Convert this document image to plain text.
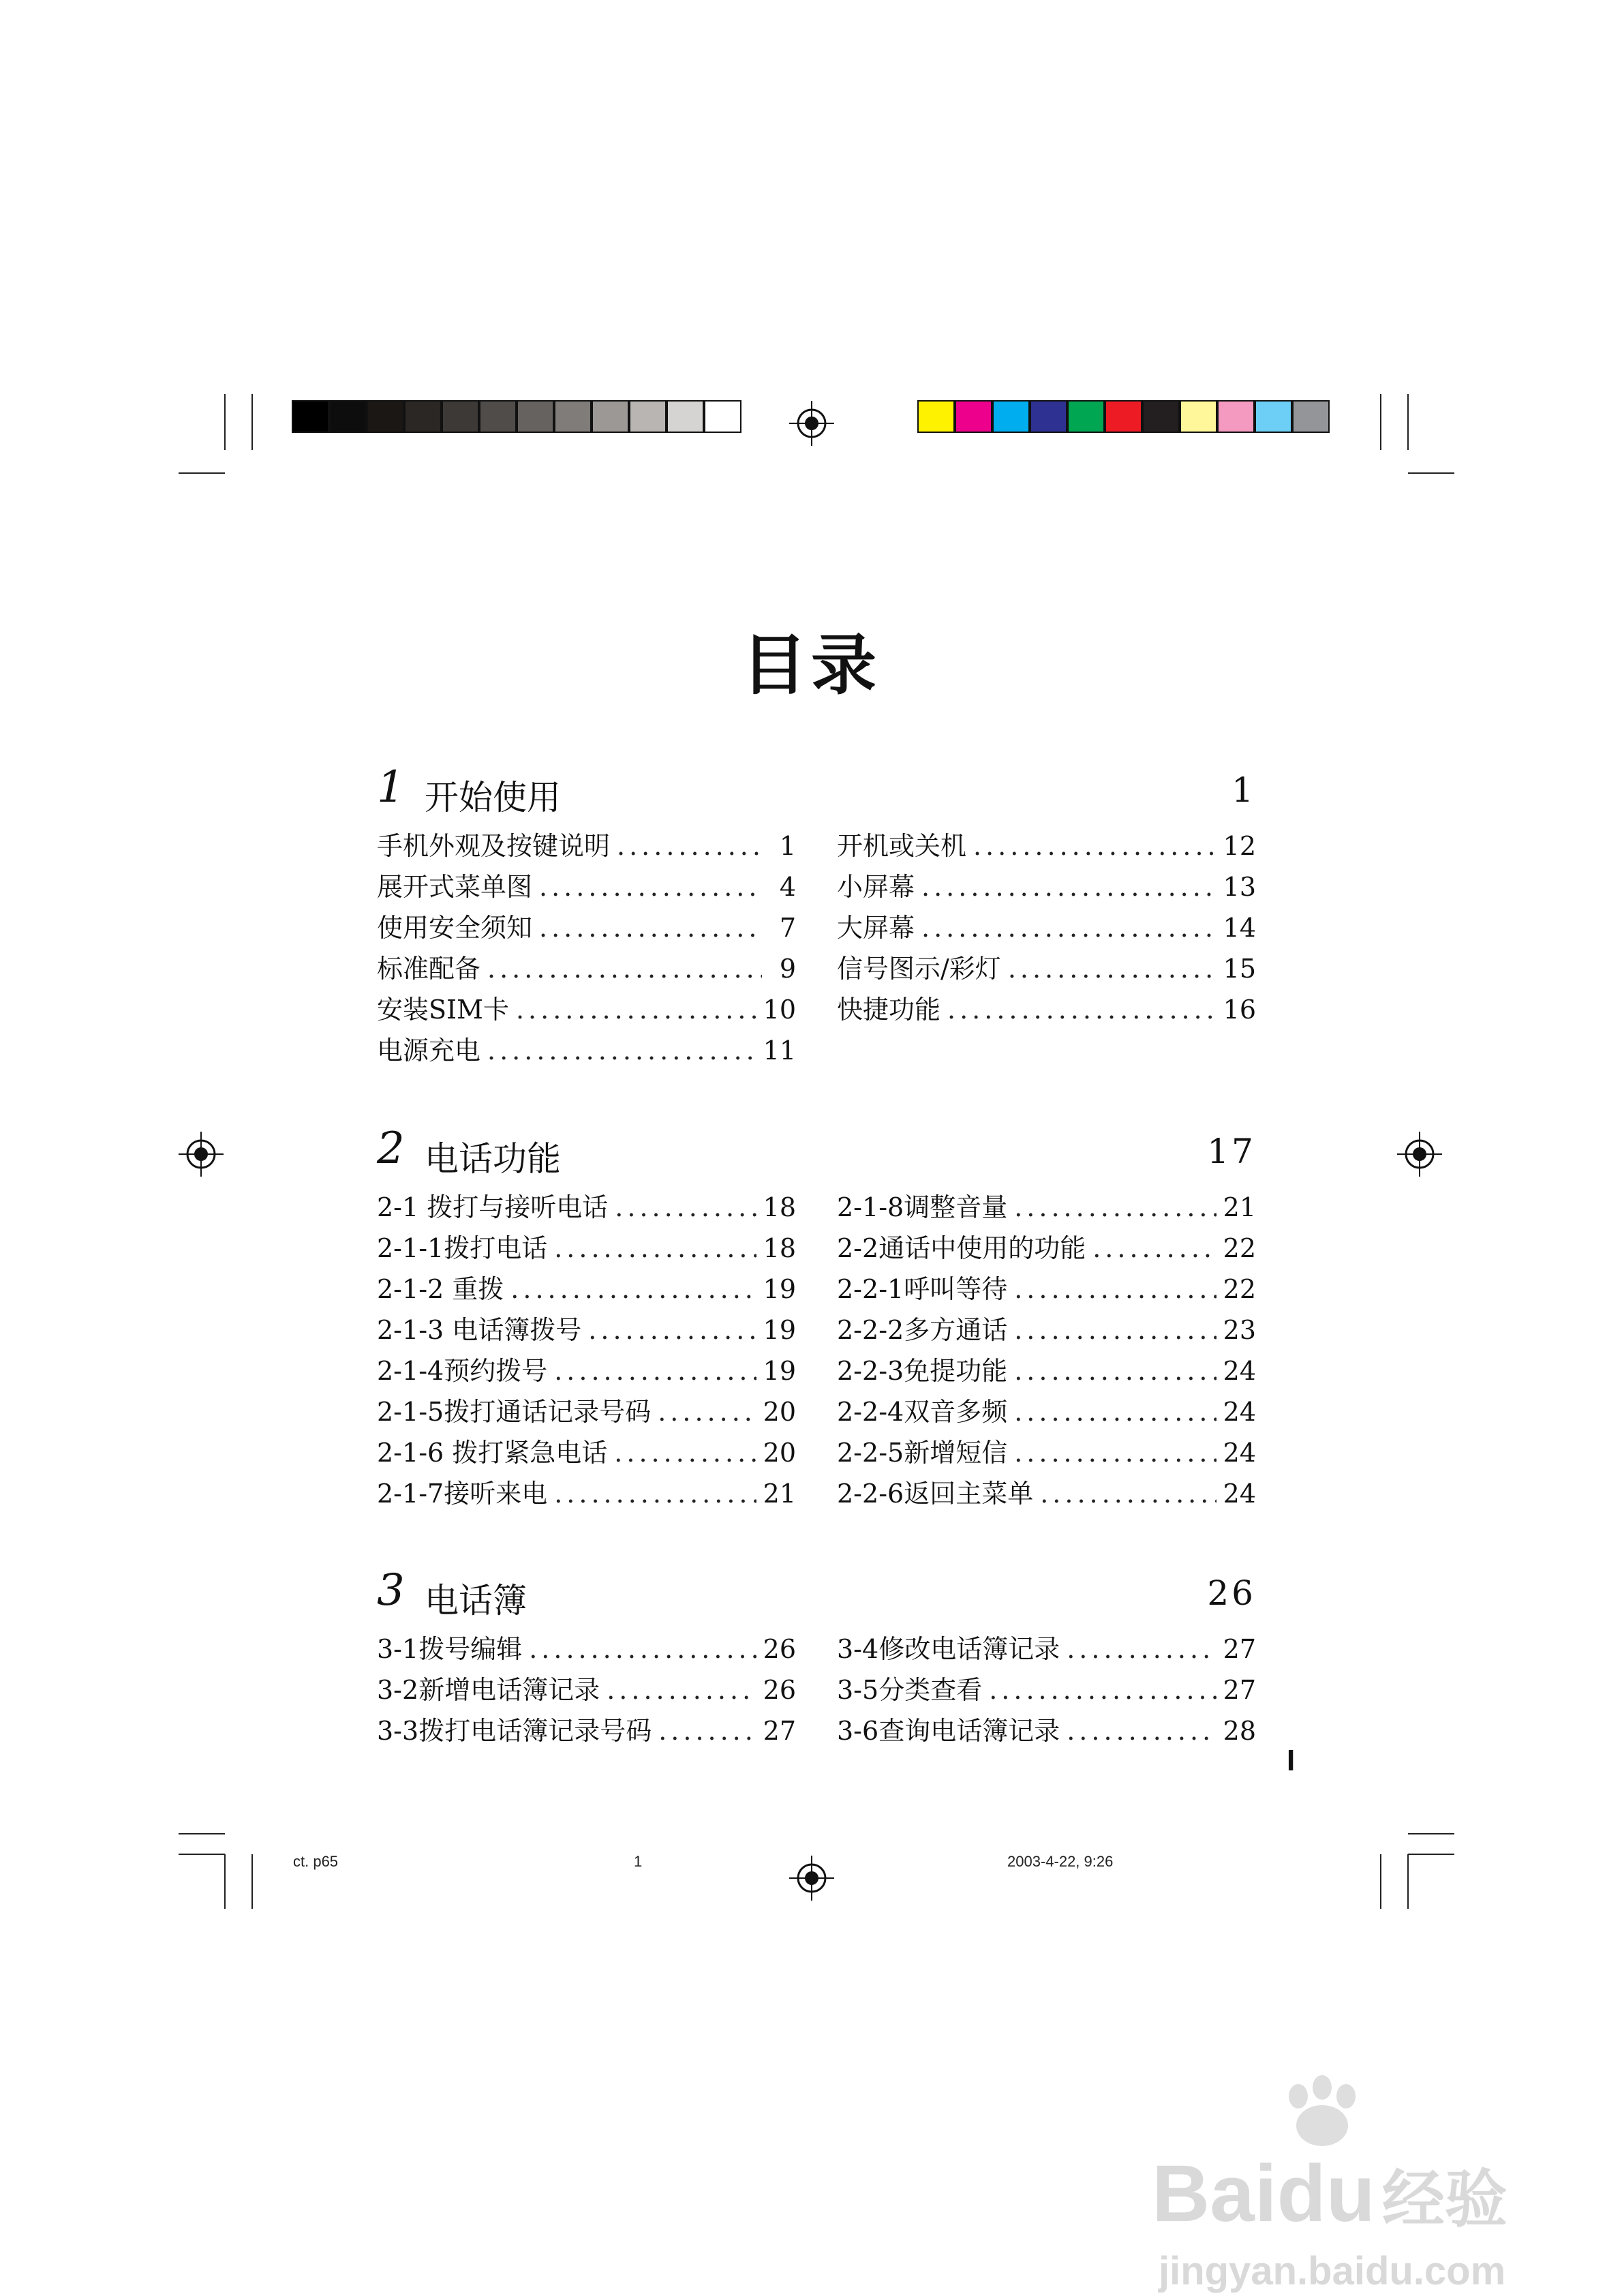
目录
1 开始使用	1
手机外观及按键说明 .....	1
展开式菜单图 .....	4
使用安全须知 .....	7
标准配备 .....	9
安装SIM卡 .....	10
电源充电 .....	11
开机或关机 .....	12
小屏幕 .....	13
大屏幕 .....	14
信号图示/彩灯 .....	15
快捷功能 .....	16
2 电话功能	17
2-1 拨打与接听电话 .....	18
2-1-1拨打电话 .....	18
2-1-2 重拨 .....	19
2-1-3 电话簿拨号 .....	19
2-1-4预约拨号 .....	19
2-1-5拨打通话记录号码 .....	20
2-1-6 拨打紧急电话 .....	20
2-1-7接听来电 .....	21
2-1-8调整音量 .....	21
2-2通话中使用的功能 .....	22
2-2-1呼叫等待 .....	22
2-2-2多方通话 .....	23
2-2-3免提功能 .....	24
2-2-4双音多频 .....	24
2-2-5新增短信 .....	24
2-2-6返回主菜单 .....	24
3 电话簿	26
3-1拨号编辑 .....	26
3-2新增电话簿记录 .....	26
3-3拨打电话簿记录号码 .....	27
3-4修改电话簿记录 .....	27
3-5分类查看 .....	27
3-6查询电话簿记录 .....	28
I
ct. p65	1	2003-4-22, 9:26
Baidu 经验
jingyan.baidu.com
